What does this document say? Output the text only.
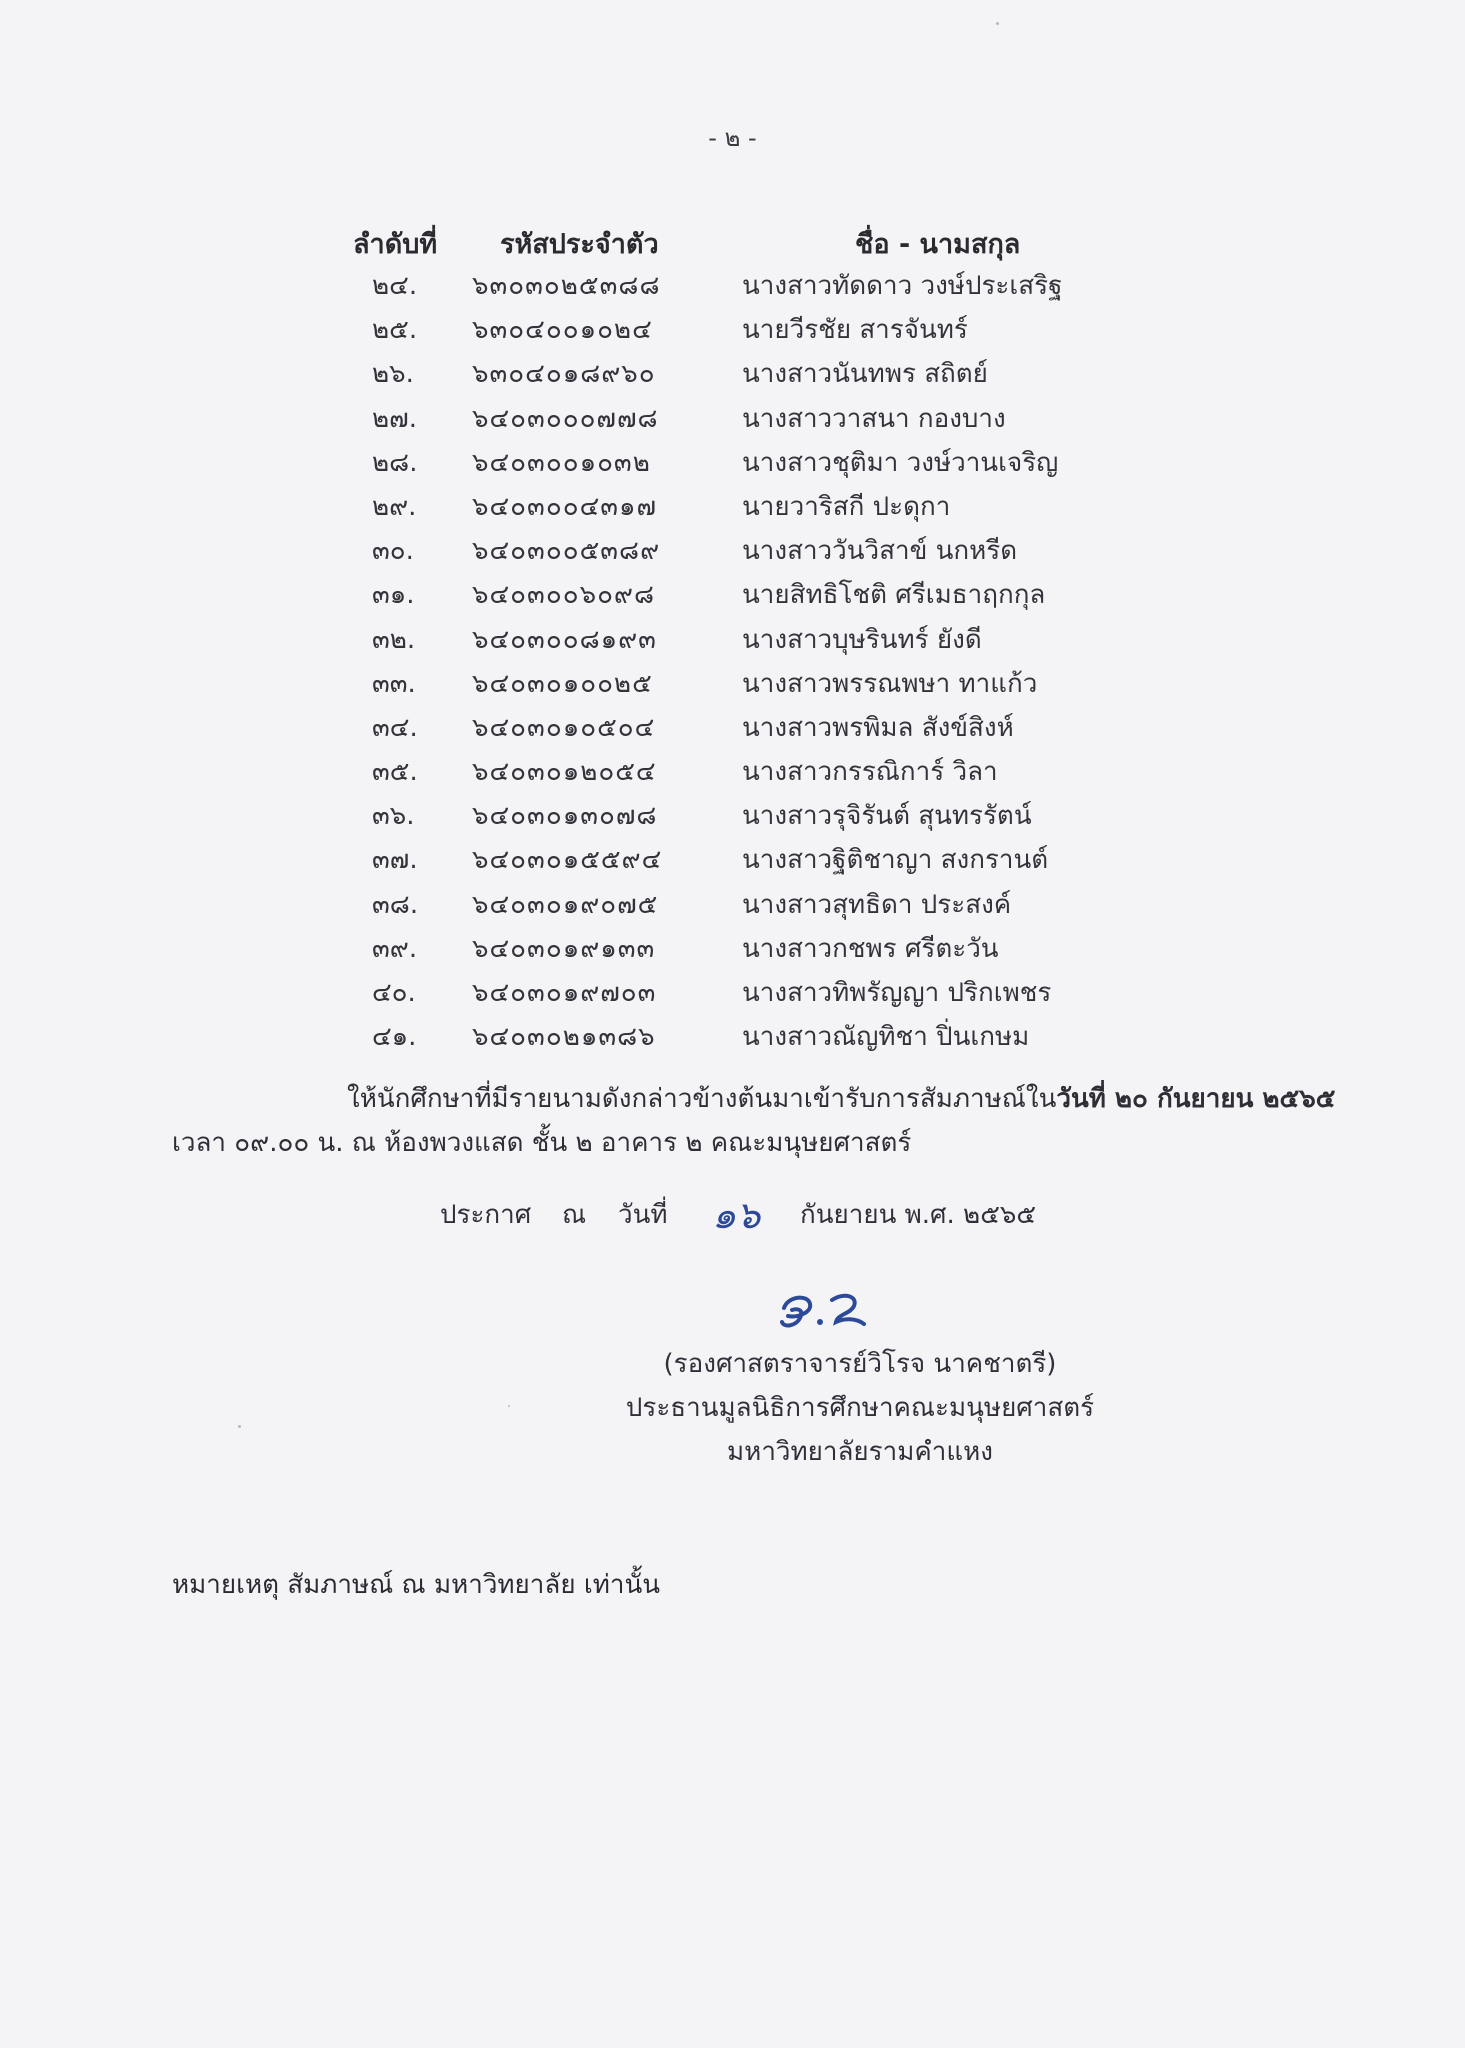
- ๒ -
ลำดับที่ รหัสประจำตัว	ชื่อ - นามสกุล
๒๔. ๖๓๐๓๐๒๕๓๘๘	นางสาวทัดดาว วงษ์ประเสริฐ
๒๕. ๖๓๐๔๐๐๑๐๒๔	นายวีรชัย สารจันทร์
๒๖. ๖๓๐๔๐๑๘๙๖๐	นางสาวนันทพร สถิตย์
๒๗. ๖๔๐๓๐๐๐๗๗๘	นางสาววาสนา กองบาง
๒๘. ๖๔๐๓๐๐๑๐๓๒	นางสาวชุติมา วงษ์วานเจริญ
๒๙. ๖๔๐๓๐๐๔๓๑๗	นายวาริสกี ปะดุกา
๓๐. ๖๔๐๓๐๐๕๓๘๙	นางสาววันวิสาข์ นกหรีด
๓๑. ๖๔๐๓๐๐๖๐๙๘	นายสิทธิโชติ ศรีเมธาฤกกุล
๓๒. ๖๔๐๓๐๐๘๑๙๓	นางสาวบุษรินทร์ ยังดี
๓๓. ๖๔๐๓๐๑๐๐๒๕	นางสาวพรรณพษา ทาแก้ว
๓๔. ๖๔๐๓๐๑๐๕๐๔	นางสาวพรพิมล สังข์สิงห์
๓๕. ๖๔๐๓๐๑๒๐๕๔	นางสาวกรรณิการ์ วิลา
๓๖. ๖๔๐๓๐๑๓๐๗๘	นางสาวรุจิรันต์ สุนทรรัตน์
๓๗. ๖๔๐๓๐๑๕๕๙๔	นางสาวฐิติชาญา สงกรานต์
๓๘. ๖๔๐๓๐๑๙๐๗๕	นางสาวสุทธิดา ประสงค์
๓๙. ๖๔๐๓๐๑๙๑๓๓	นางสาวกชพร ศรีตะวัน
๔๐. ๖๔๐๓๐๑๙๗๐๓	นางสาวทิพรัญญา ปริกเพชร
๔๑. ๖๔๐๓๐๒๑๓๘๖	นางสาวณัญทิชา ปิ่นเกษม
ให้นักศึกษาที่มีรายนามดังกล่าวข้างต้นมาเข้ารับการสัมภาษณ์ในวันที่ ๒๐ กันยายน ๒๕๖๕
เวลา ๐๙.๐๐ น. ณ ห้องพวงแสด ชั้น ๒ อาคาร ๒ คณะมนุษยศาสตร์
ประกาศ ณ วันที่ ๑๖ กันยายน พ.ศ. ๒๕๖๕
(รองศาสตราจารย์วิโรจ นาคชาตรี)
ประธานมูลนิธิการศึกษาคณะมนุษยศาสตร์
มหาวิทยาลัยรามคำแหง
หมายเหตุ สัมภาษณ์ ณ มหาวิทยาลัย เท่านั้น
